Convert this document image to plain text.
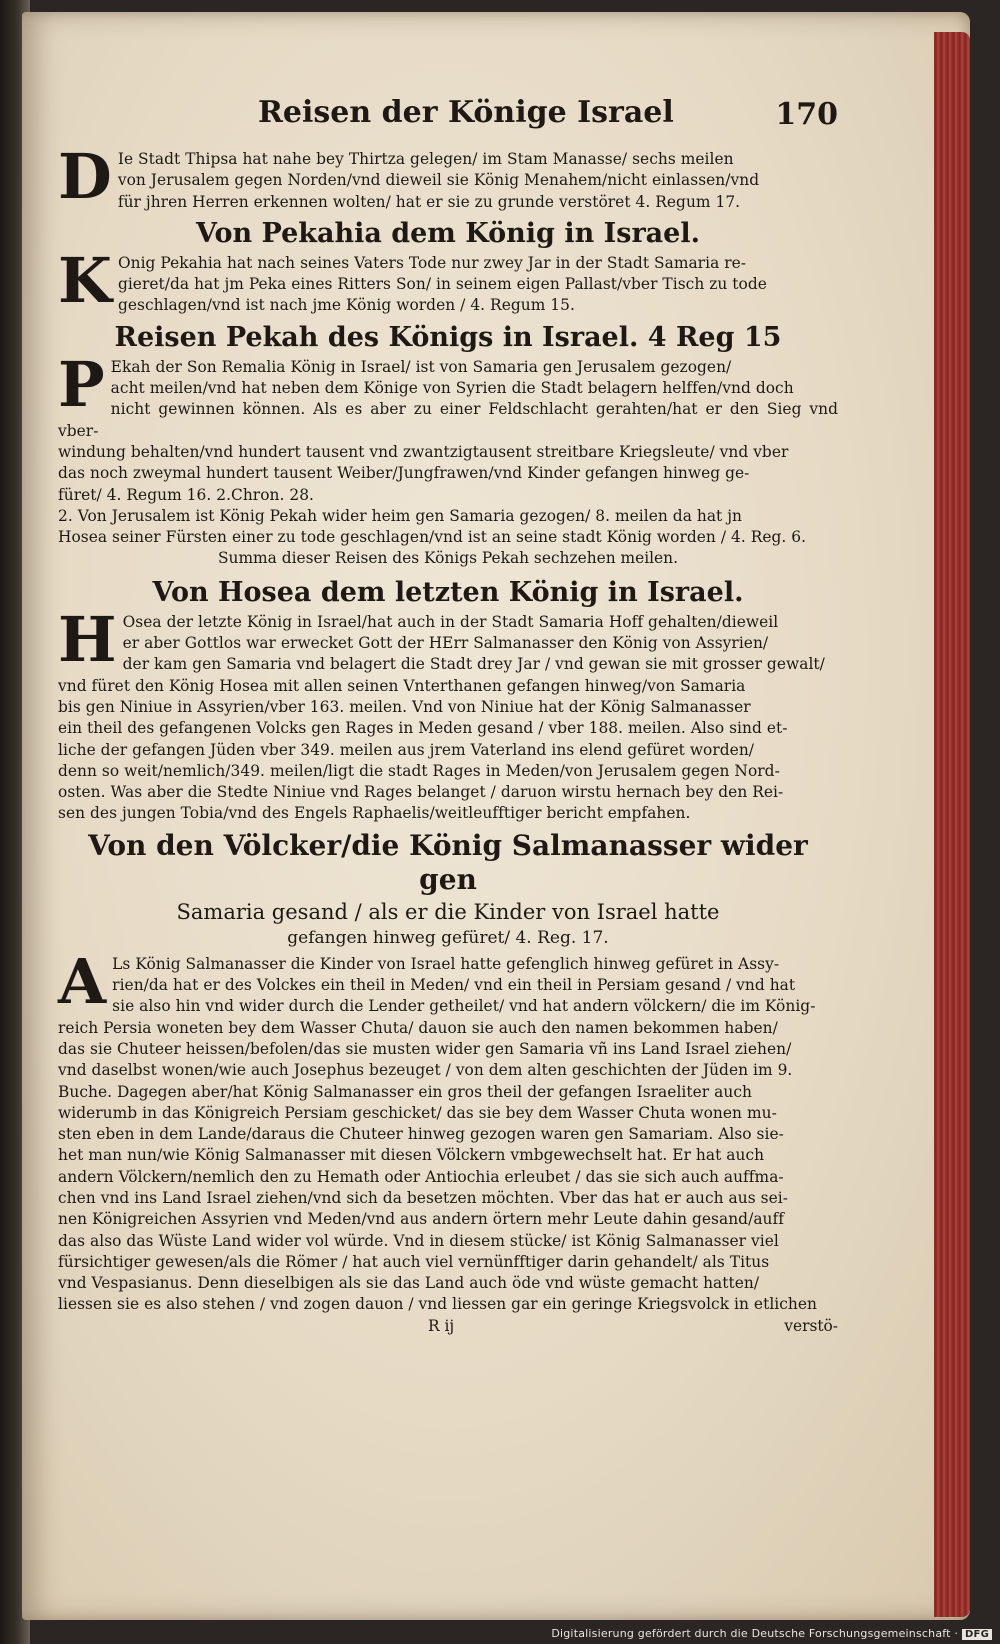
Reisen der Könige Israel	170

D Ie Stadt Thipsa hat nahe bey Thirtza gelegen/ im Stam Manasse/ sechs meilen
von Jerusalem gegen Norden/vnd dieweil sie König Menahem/nicht einlassen/vnd
für jhren Herren erkennen wolten/ hat er sie zu grunde verstöret 4. Regum 17.

Von Pekahia dem König in Israel.

K Onig Pekahia hat nach seines Vaters Tode nur zwey Jar in der Stadt Samaria re-
gieret/da hat jm Peka eines Ritters Son/ in seinem eigen Pallast/vber Tisch zu tode
geschlagen/vnd ist nach jme König worden / 4. Regum 15.

Reisen Pekah des Königs in Israel. 4 Reg 15

P Ekah der Son Remalia König in Israel/ ist von Samaria gen Jerusalem gezogen/
acht meilen/vnd hat neben dem Könige von Syrien die Stadt belagern helffen/vnd doch
nicht gewinnen können. Als es aber zu einer Feldschlacht gerahten/hat er den Sieg vnd vber-
windung behalten/vnd hundert tausent vnd zwantzigtausent streitbare Kriegsleute/ vnd vber
das noch zweymal hundert tausent Weiber/Jungfrawen/vnd Kinder gefangen hinweg ge-
füret/ 4. Regum 16. 2.Chron. 28.
2. Von Jerusalem ist König Pekah wider heim gen Samaria gezogen/ 8. meilen da hat jn
Hosea seiner Fürsten einer zu tode geschlagen/vnd ist an seine stadt König worden / 4. Reg. 6.

Summa dieser Reisen des Königs Pekah sechzehen meilen.
Von Hosea dem letzten König in Israel.

H Osea der letzte König in Israel/hat auch in der Stadt Samaria Hoff gehalten/dieweil
er aber Gottlos war erwecket Gott der HErr Salmanasser den König von Assyrien/
der kam gen Samaria vnd belagert die Stadt drey Jar / vnd gewan sie mit grosser gewalt/
vnd füret den König Hosea mit allen seinen Vnterthanen gefangen hinweg/von Samaria
bis gen Niniue in Assyrien/vber 163. meilen. Vnd von Niniue hat der König Salmanasser
ein theil des gefangenen Volcks gen Rages in Meden gesand / vber 188. meilen. Also sind et-
liche der gefangen Jüden vber 349. meilen aus jrem Vaterland ins elend gefüret worden/
denn so weit/nemlich/349. meilen/ligt die stadt Rages in Meden/von Jerusalem gegen Nord-
osten. Was aber die Stedte Niniue vnd Rages belanget / daruon wirstu hernach bey den Rei-
sen des jungen Tobia/vnd des Engels Raphaelis/weitleufftiger bericht empfahen.

Von den Völcker/die König Salmanasser wider gen
Samaria gesand / als er die Kinder von Israel hatte
gefangen hinweg gefüret/ 4. Reg. 17.

A Ls König Salmanasser die Kinder von Israel hatte gefenglich hinweg gefüret in Assy-
rien/da hat er des Volckes ein theil in Meden/ vnd ein theil in Persiam gesand / vnd hat
sie also hin vnd wider durch die Lender getheilet/ vnd hat andern völckern/ die im König-
reich Persia woneten bey dem Wasser Chuta/ dauon sie auch den namen bekommen haben/
das sie Chuteer heissen/befolen/das sie musten wider gen Samaria vñ ins Land Israel ziehen/
vnd daselbst wonen/wie auch Josephus bezeuget / von dem alten geschichten der Jüden im 9.
Buche. Dagegen aber/hat König Salmanasser ein gros theil der gefangen Israeliter auch
widerumb in das Königreich Persiam geschicket/ das sie bey dem Wasser Chuta wonen mu-
sten eben in dem Lande/daraus die Chuteer hinweg gezogen waren gen Samariam. Also sie-
het man nun/wie König Salmanasser mit diesen Völckern vmbgewechselt hat. Er hat auch
andern Völckern/nemlich den zu Hemath oder Antiochia erleubet / das sie sich auch auffma-
chen vnd ins Land Israel ziehen/vnd sich da besetzen möchten. Vber das hat er auch aus sei-
nen Königreichen Assyrien vnd Meden/vnd aus andern örtern mehr Leute dahin gesand/auff
das also das Wüste Land wider vol würde. Vnd in diesem stücke/ ist König Salmanasser viel
fürsichtiger gewesen/als die Römer / hat auch viel vernünfftiger darin gehandelt/ als Titus
vnd Vespasianus. Denn dieselbigen als sie das Land auch öde vnd wüste gemacht hatten/
liessen sie es also stehen / vnd zogen dauon / vnd liessen gar ein geringe Kriegsvolck in etlichen

R ij	verstö-
Digitalisierung gefördert durch die Deutsche Forschungsgemeinschaft · DFG
